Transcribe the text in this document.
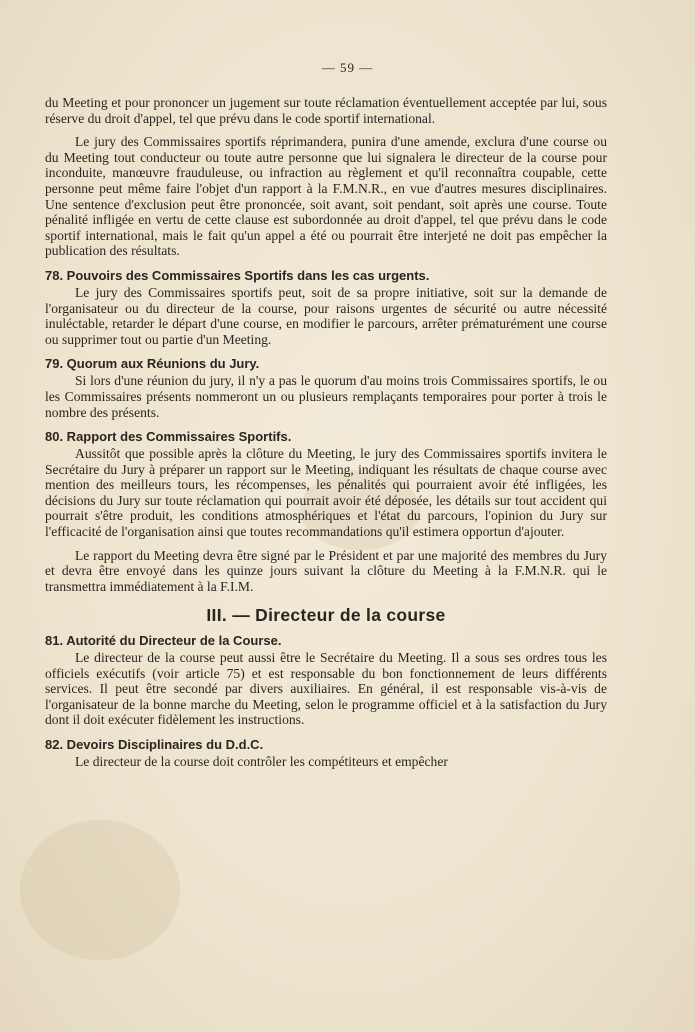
— 59 —

du Meeting et pour prononcer un jugement sur toute réclamation éventuellement acceptée par lui, sous réserve du droit d'appel, tel que prévu dans le code sportif international.

Le jury des Commissaires sportifs réprimandera, punira d'une amende, exclura d'une course ou du Meeting tout conducteur ou toute autre personne que lui signalera le directeur de la course pour inconduite, manœuvre frauduleuse, ou infraction au règlement et qu'il reconnaîtra coupable, cette personne peut même faire l'objet d'un rapport à la F.M.N.R., en vue d'autres mesures disciplinaires. Une sentence d'exclusion peut être prononcée, soit avant, soit pendant, soit après une course. Toute pénalité infligée en vertu de cette clause est subordonnée au droit d'appel, tel que prévu dans le code sportif international, mais le fait qu'un appel a été ou pourrait être interjeté ne doit pas empêcher la publication des résultats.

78. Pouvoirs des Commissaires Sportifs dans les cas urgents.

Le jury des Commissaires sportifs peut, soit de sa propre initiative, soit sur la demande de l'organisateur ou du directeur de la course, pour raisons urgentes de sécurité ou autre nécessité inuléctable, retarder le départ d'une course, en modifier le parcours, arrêter prématurément une course ou supprimer tout ou partie d'un Meeting.

79. Quorum aux Réunions du Jury.

Si lors d'une réunion du jury, il n'y a pas le quorum d'au moins trois Commissaires sportifs, le ou les Commissaires présents nommeront un ou plusieurs remplaçants temporaires pour porter à trois le nombre des présents.

80. Rapport des Commissaires Sportifs.

Aussitôt que possible après la clôture du Meeting, le jury des Commissaires sportifs invitera le Secrétaire du Jury à préparer un rapport sur le Meeting, indiquant les résultats de chaque course avec mention des meilleurs tours, les récompenses, les pénalités qui pourraient avoir été infligées, les décisions du Jury sur toute réclamation qui pourrait avoir été déposée, les détails sur tout accident qui pourrait s'être produit, les conditions atmosphériques et l'état du parcours, l'opinion du Jury sur l'efficacité de l'organisation ainsi que toutes recommandations qu'il estimera opportun d'ajouter.

Le rapport du Meeting devra être signé par le Président et par une majorité des membres du Jury et devra être envoyé dans les quinze jours suivant la clôture du Meeting à la F.M.N.R. qui le transmettra immédiatement à la F.I.M.

III. — Directeur de la course
81. Autorité du Directeur de la Course.

Le directeur de la course peut aussi être le Secrétaire du Meeting. Il a sous ses ordres tous les officiels exécutifs (voir article 75) et est responsable du bon fonctionnement de leurs différents services. Il peut être secondé par divers auxiliaires. En général, il est responsable vis-à-vis de l'organisateur de la bonne marche du Meeting, selon le programme officiel et à la satisfaction du Jury dont il doit exécuter fidèlement les instructions.

82. Devoirs Disciplinaires du D.d.C.

Le directeur de la course doit contrôler les compétiteurs et empêcher
